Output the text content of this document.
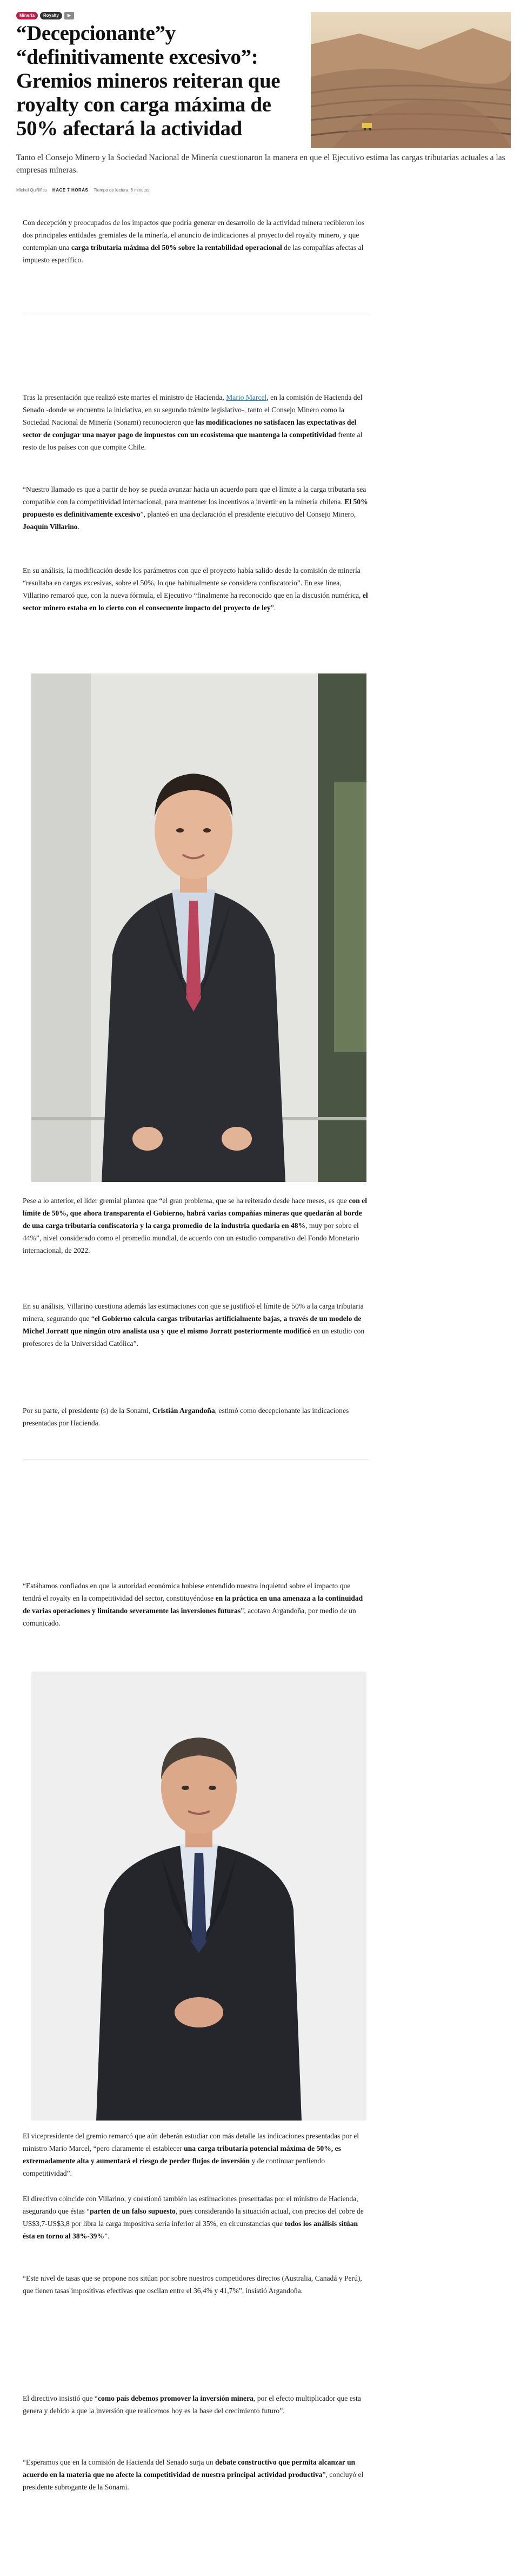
Minería	Royalty	▶
“Decepcionante”y “definitivamente excesivo”: Gremios mineros reiteran que royalty con carga máxima de 50% afectará la actividad

Tanto el Consejo Minero y la Sociedad Nacional de Minería cuestionaron la manera en que el Ejecutivo estima las cargas tributarias actuales a las empresas mineras.

Michel Quiñiñes HACE 7 HORAS Tiempo de lectura: 6 minutos

Con decepción y preocupados de los impactos que podría generar en desarrollo de la actividad minera recibieron los dos principales entidades gremiales de la minería, el anuncio de indicaciones al proyecto del royalty minero, y que contemplan una carga tributaria máxima del 50% sobre la rentabilidad operacional de las compañías afectas al impuesto específico.

Tras la presentación que realizó este martes el ministro de Hacienda, Mario Marcel, en la comisión de Hacienda del Senado -donde se encuentra la iniciativa, en su segundo trámite legislativo-, tanto el Consejo Minero como la Sociedad Nacional de Minería (Sonami) reconocieron que las modificaciones no satisfacen las expectativas del sector de conjugar una mayor pago de impuestos con un ecosistema que mantenga la competitividad frente al resto de los países con que compite Chile.

“Nuestro llamado es que a partir de hoy se pueda avanzar hacia un acuerdo para que el límite a la carga tributaria sea compatible con la competitividad internacional, para mantener los incentivos a invertir en la minería chilena. El 50% propuesto es definitivamente excesivo”, planteó en una declaración el presidente ejecutivo del Consejo Minero, Joaquín Villarino.

En su análisis, la modificación desde los parámetros con que el proyecto había salido desde la comisión de minería “resultaba en cargas excesivas, sobre el 50%, lo que habitualmente se considera confiscatorio”. En ese línea, Villarino remarcó que, con la nueva fórmula, el Ejecutivo “finalmente ha reconocido que en la discusión numérica, el sector minero estaba en lo cierto con el consecuente impacto del proyecto de ley”.

Pese a lo anterior, el líder gremial plantea que “el gran problema, que se ha reiterado desde hace meses, es que con el límite de 50%, que ahora transparenta el Gobierno, habrá varias compañías mineras que quedarán al borde de una carga tributaria confiscatoria y la carga promedio de la industria quedaría en 48%, muy por sobre el 44%”, nivel considerado como el promedio mundial, de acuerdo con un estudio comparativo del Fondo Monetario internacional, de 2022.

En su análisis, Villarino cuestiona además las estimaciones con que se justificó el límite de 50% a la carga tributaria minera, segurando que “el Gobierno calcula cargas tributarias artificialmente bajas, a través de un modelo de Michel Jorratt que ningún otro analista usa y que el mismo Jorratt posteriormente modificó en un estudio con profesores de la Universidad Católica”.

Por su parte, el presidente (s) de la Sonami, Cristián Argandoña, estimó como decepcionante las indicaciones presentadas por Hacienda.

“Estábamos confiados en que la autoridad económica hubiese entendido nuestra inquietud sobre el impacto que tendrá el royalty en la competitividad del sector, constituyéndose en la práctica en una amenaza a la continuidad de varias operaciones y limitando severamente las inversiones futuras”, acotavo Argandoña, por medio de un comunicado.

El vicepresidente del gremio remarcó que aún deberán estudiar con más detalle las indicaciones presentadas por el ministro Mario Marcel, “pero claramente el establecer una carga tributaria potencial máxima de 50%, es extremadamente alta y aumentará el riesgo de perder flujos de inversión y de continuar perdiendo competitividad”.

El directivo coincide con Villarino, y cuestionó también las estimaciones presentadas por el ministro de Hacienda, asegurando que éstas “parten de un falso supuesto, pues considerando la situación actual, con precios del cobre de US$3,7-US$3,8 por libra la carga impositiva sería inferior al 35%, en circunstancias que todos los análisis sitúan ésta en torno al 38%-39%”.

“Este nivel de tasas que se propone nos sitúan por sobre nuestros competidores directos (Australia, Canadá y Perú), que tienen tasas impositivas efectivas que oscilan entre el 36,4% y 41,7%”, insistió Argandoña.

El directivo insistió que “como país debemos promover la inversión minera, por el efecto multiplicador que esta genera y debido a que la inversión que realicemos hoy es la base del crecimiento futuro”.

“Esperamos que en la comisión de Hacienda del Senado surja un debate constructivo que permita alcanzar un acuerdo en la materia que no afecte la competitividad de nuestra principal actividad productiva”, concluyó el presidente subrogante de la Sonami.
